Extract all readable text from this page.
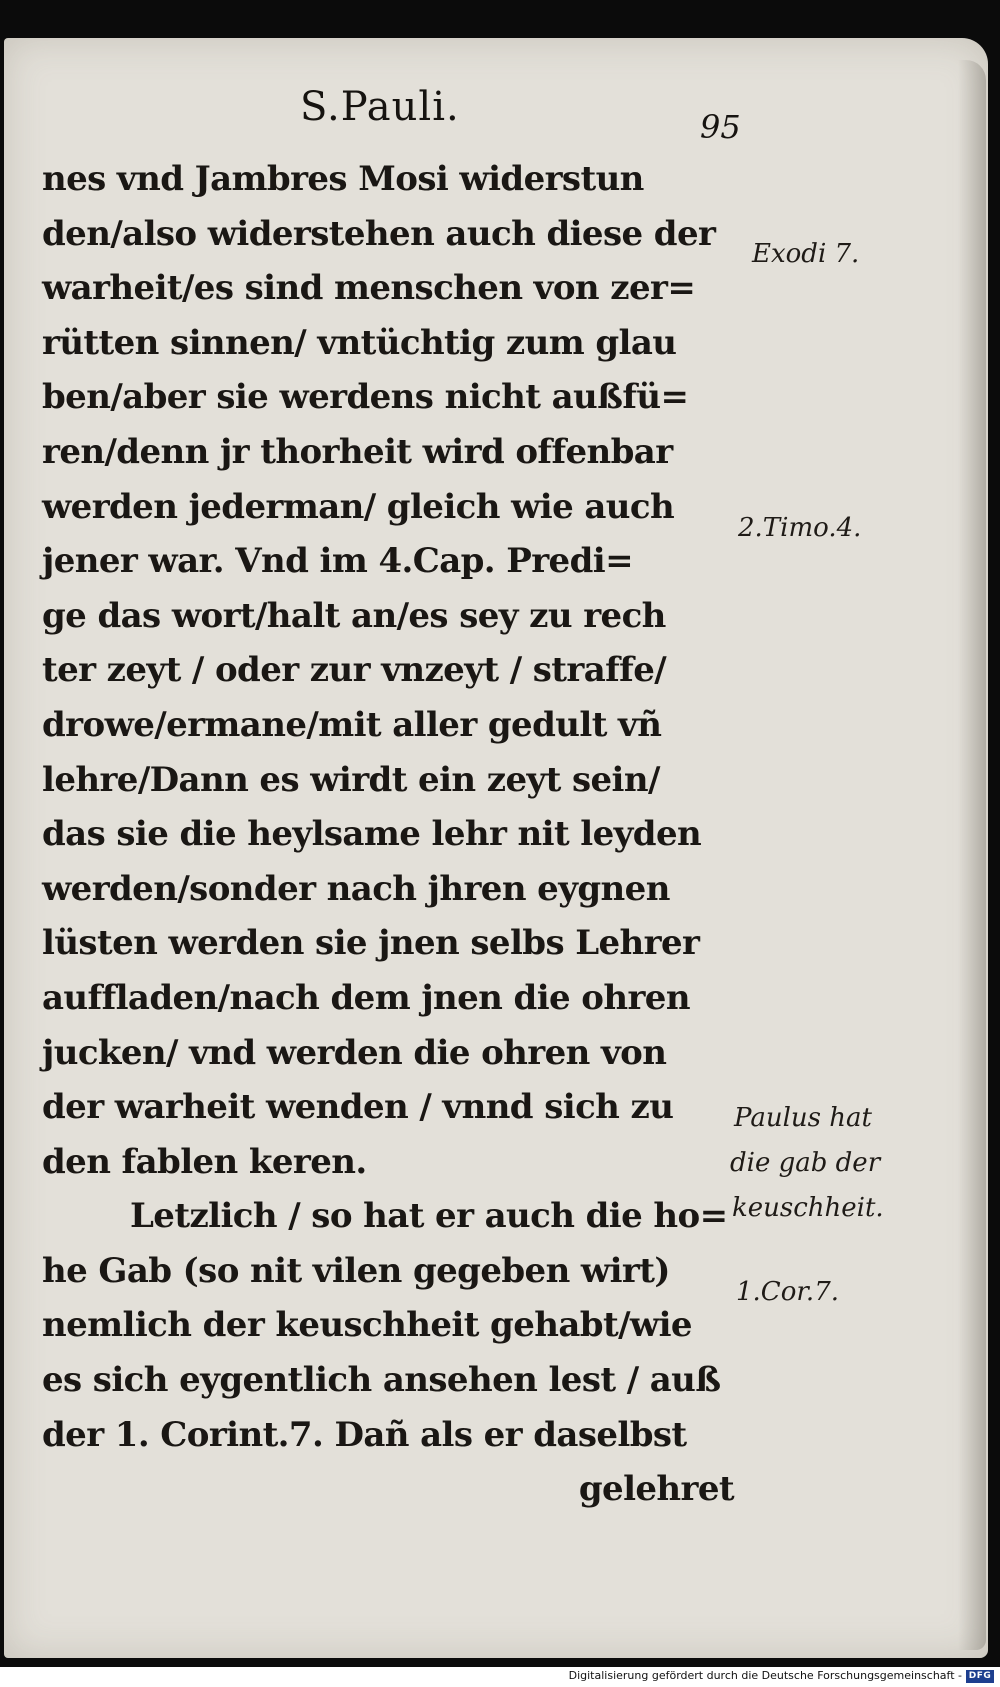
S.Pauli.	95
nes vnd Jambres Mosi widerstun
den/also widerstehen auch diese der
warheit/es sind menschen von zer=
rütten sinnen/ vntüchtig zum glau
ben/aber sie werdens nicht außfü=
ren/denn jr thorheit wird offenbar
werden jederman/ gleich wie auch
jener war. Vnd im 4.Cap. Predi=
ge das wort/halt an/es sey zu rech
ter zeyt / oder zur vnzeyt / straffe/
drowe/ermane/mit aller gedult vñ
lehre/Dann es wirdt ein zeyt sein/
das sie die heylsame lehr nit leyden
werden/sonder nach jhren eygnen
lüsten werden sie jnen selbs Lehrer
auffladen/nach dem jnen die ohren
jucken/ vnd werden die ohren von
der warheit wenden / vnnd sich zu
den fablen keren.
Letzlich / so hat er auch die ho=
he Gab (so nit vilen gegeben wirt)
nemlich der keuschheit gehabt/wie
es sich eygentlich ansehen lest / auß
der 1. Corint.7. Dañ als er daselbst
gelehret
Exodi 7.
2.Timo.4.
Paulus hat
die gab der
keuschheit.
1.Cor.7.
Digitalisierung gefördert durch die Deutsche Forschungsgemeinschaft - DFG
